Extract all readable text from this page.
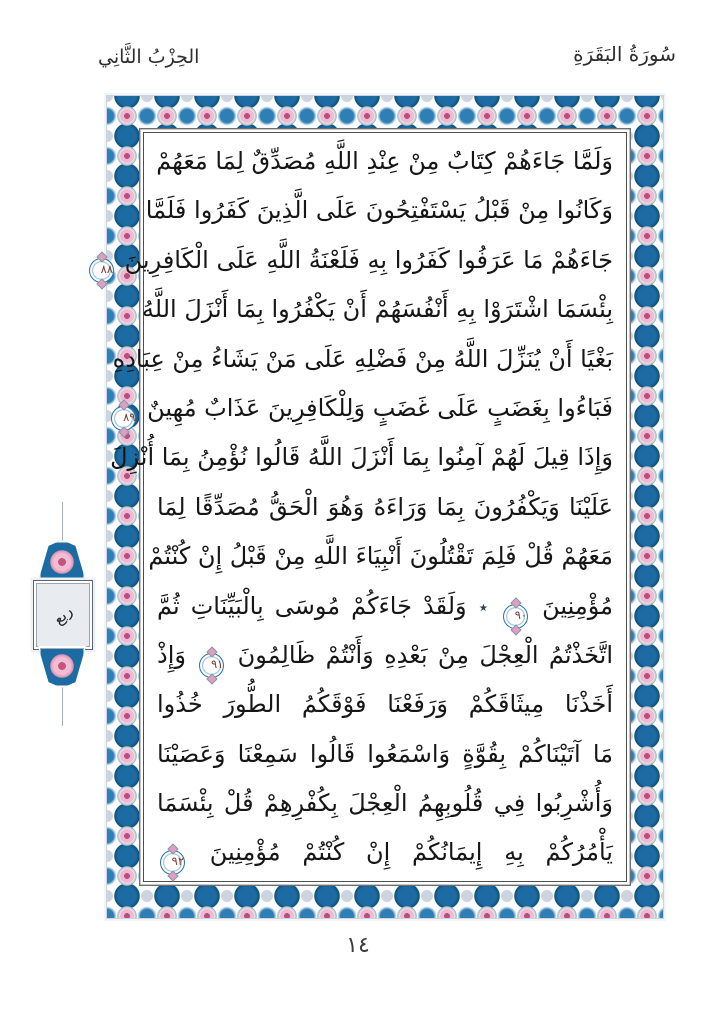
سُورَةُ البَقَرَةِ
الحِزْبُ الثَّانِي
وَلَمَّا جَاءَهُمْ كِتَابٌ مِنْ عِنْدِ اللَّهِ مُصَدِّقٌ لِمَا مَعَهُمْ
وَكَانُوا مِنْ قَبْلُ يَسْتَفْتِحُونَ عَلَى الَّذِينَ كَفَرُوا فَلَمَّا
جَاءَهُمْ مَا عَرَفُوا كَفَرُوا بِهِ فَلَعْنَةُ اللَّهِ عَلَى الْكَافِرِينَ ٨٨
بِئْسَمَا اشْتَرَوْا بِهِ أَنْفُسَهُمْ أَنْ يَكْفُرُوا بِمَا أَنْزَلَ اللَّهُ
بَغْيًا أَنْ يُنَزِّلَ اللَّهُ مِنْ فَضْلِهِ عَلَى مَنْ يَشَاءُ مِنْ عِبَادِهِ
فَبَاءُوا بِغَضَبٍ عَلَى غَضَبٍ وَلِلْكَافِرِينَ عَذَابٌ مُهِينٌ ٨٩
وَإِذَا قِيلَ لَهُمْ آمِنُوا بِمَا أَنْزَلَ اللَّهُ قَالُوا نُؤْمِنُ بِمَا أُنْزِلَ
عَلَيْنَا وَيَكْفُرُونَ بِمَا وَرَاءَهُ وَهُوَ الْحَقُّ مُصَدِّقًا لِمَا
مَعَهُمْ قُلْ فَلِمَ تَقْتُلُونَ أَنْبِيَاءَ اللَّهِ مِنْ قَبْلُ إِنْ كُنْتُمْ
مُؤْمِنِينَ ٩٠ ٭ وَلَقَدْ جَاءَكُمْ مُوسَى بِالْبَيِّنَاتِ ثُمَّ
اتَّخَذْتُمُ الْعِجْلَ مِنْ بَعْدِهِ وَأَنْتُمْ ظَالِمُونَ ٩١ وَإِذْ
أَخَذْنَا مِيثَاقَكُمْ وَرَفَعْنَا فَوْقَكُمُ الطُّورَ خُذُوا
مَا آتَيْنَاكُمْ بِقُوَّةٍ وَاسْمَعُوا قَالُوا سَمِعْنَا وَعَصَيْنَا
وَأُشْرِبُوا فِي قُلُوبِهِمُ الْعِجْلَ بِكُفْرِهِمْ قُلْ بِئْسَمَا
يَأْمُرُكُمْ بِهِ إِيمَانُكُمْ إِنْ كُنْتُمْ مُؤْمِنِينَ ٩٢
ربع
١٤
